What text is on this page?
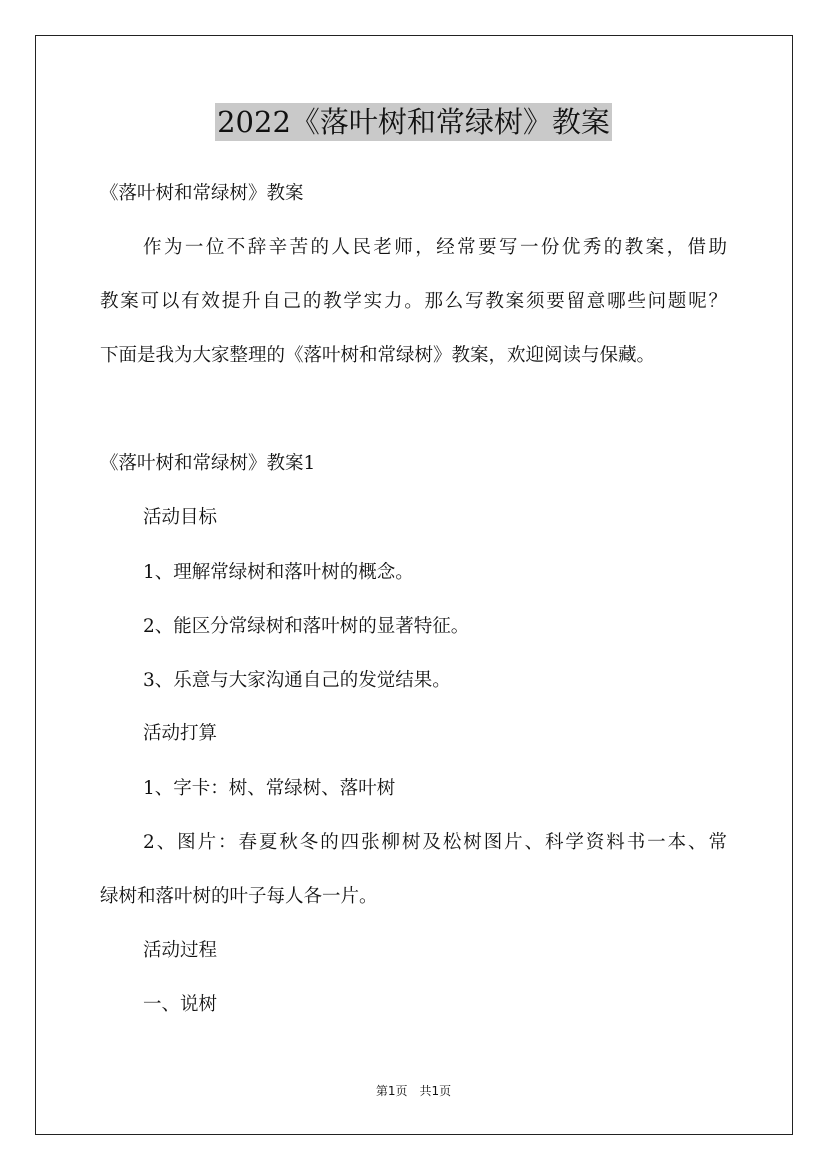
2022《落叶树和常绿树》教案
《落叶树和常绿树》教案
作为一位不辞辛苦的人民老师，经常要写一份优秀的教案，借助
教案可以有效提升自己的教学实力。那么写教案须要留意哪些问题呢？
下面是我为大家整理的《落叶树和常绿树》教案，欢迎阅读与保藏。
《落叶树和常绿树》教案1
活动目标
1、理解常绿树和落叶树的概念。
2、能区分常绿树和落叶树的显著特征。
3、乐意与大家沟通自己的发觉结果。
活动打算
1、字卡：树、常绿树、落叶树
2、图片：春夏秋冬的四张柳树及松树图片、科学资料书一本、常
绿树和落叶树的叶子每人各一片。
活动过程
一、说树
第1页　共1页
